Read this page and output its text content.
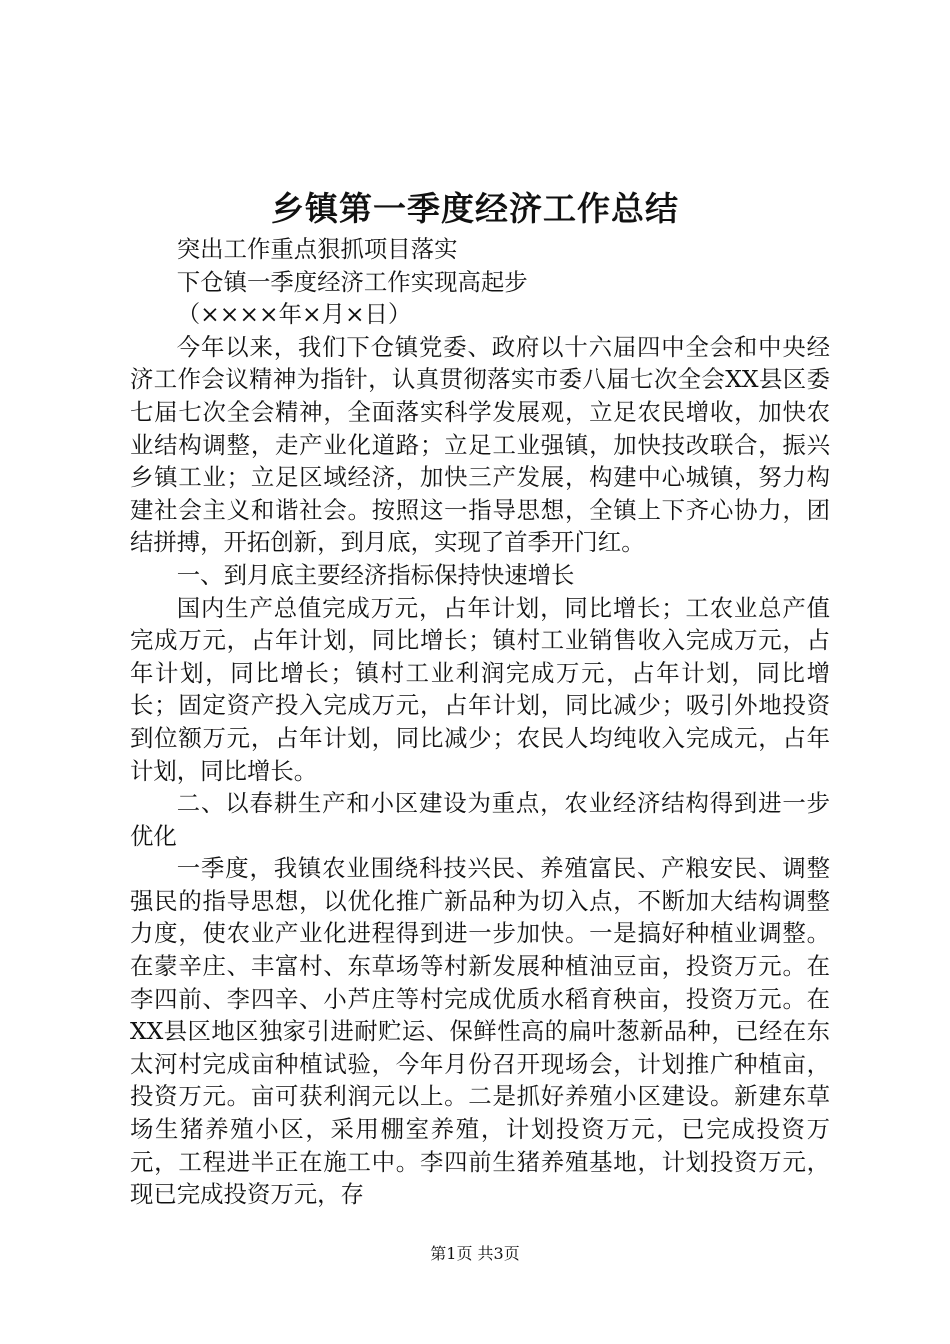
乡镇第一季度经济工作总结

突出工作重点狠抓项目落实

下仓镇一季度经济工作实现高起步

（××××年×月×日）

今年以来，我们下仓镇党委、政府以十六届四中全会和中央经济工作会议精神为指针，认真贯彻落实市委八届七次全会XX县区委七届七次全会精神，全面落实科学发展观，立足农民增收，加快农业结构调整，走产业化道路；立足工业强镇，加快技改联合，振兴乡镇工业；立足区域经济，加快三产发展，构建中心城镇，努力构建社会主义和谐社会。按照这一指导思想，全镇上下齐心协力，团结拼搏，开拓创新，到月底，实现了首季开门红。

一、到月底主要经济指标保持快速增长

国内生产总值完成万元，占年计划，同比增长；工农业总产值完成万元，占年计划，同比增长；镇村工业销售收入完成万元，占年计划，同比增长；镇村工业利润完成万元，占年计划，同比增长；固定资产投入完成万元，占年计划，同比减少；吸引外地投资到位额万元，占年计划，同比减少；农民人均纯收入完成元，占年计划，同比增长。

二、以春耕生产和小区建设为重点，农业经济结构得到进一步优化

一季度，我镇农业围绕科技兴民、养殖富民、产粮安民、调整强民的指导思想，以优化推广新品种为切入点，不断加大结构调整力度，使农业产业化进程得到进一步加快。一是搞好种植业调整。在蒙辛庄、丰富村、东草场等村新发展种植油豆亩，投资万元。在李四前、李四辛、小芦庄等村完成优质水稻育秧亩，投资万元。在XX县区地区独家引进耐贮运、保鲜性高的扁叶葱新品种，已经在东太河村完成亩种植试验，今年月份召开现场会，计划推广种植亩，投资万元。亩可获利润元以上。二是抓好养殖小区建设。新建东草场生猪养殖小区，采用棚室养殖，计划投资万元，已完成投资万元，工程进半正在施工中。李四前生猪养殖基地，计划投资万元，现已完成投资万元，存

第1页 共3页
